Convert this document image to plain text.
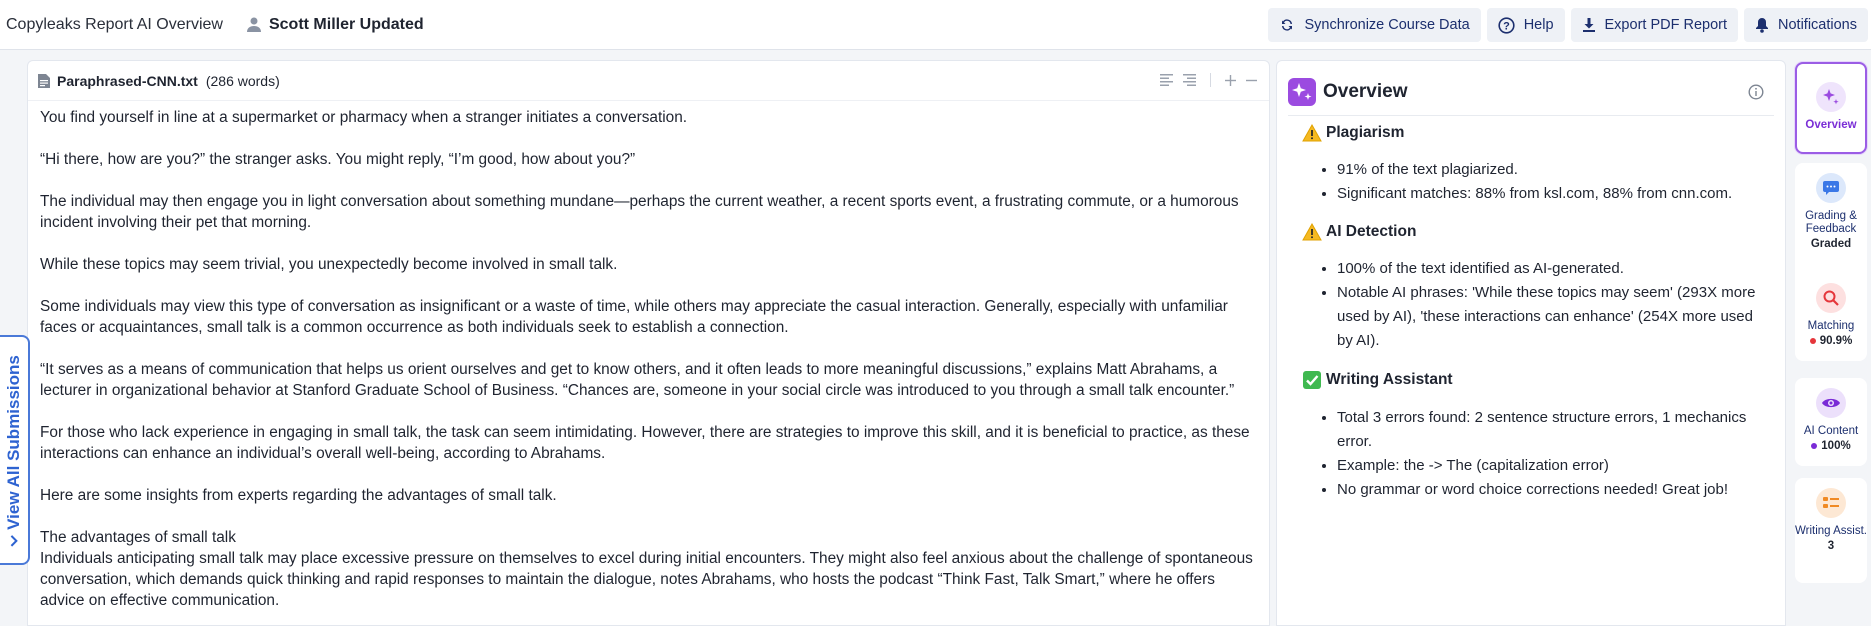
Copyleaks Report AI Overview	Scott Miller Updated	Synchronize Course Data	? Help	Export PDF Report	Notifications
Paraphrased-CNN.txt (286 words)

You find yourself in line at a supermarket or pharmacy when a stranger initiates a conversation.

“Hi there, how are you?” the stranger asks. You might reply, “I’m good, how about you?”

The individual may then engage you in light conversation about something mundane—perhaps the current weather, a recent sports event, a frustrating commute, or a humorous incident involving their pet that morning.

While these topics may seem trivial, you unexpectedly become involved in small talk.

Some individuals may view this type of conversation as insignificant or a waste of time, while others may appreciate the casual interaction. Generally, especially with unfamiliar faces or acquaintances, small talk is a common occurrence as both individuals seek to establish a connection.

“It serves as a means of communication that helps us orient ourselves and get to know others, and it often leads to more meaningful discussions,” explains Matt Abrahams, a lecturer in organizational behavior at Stanford Graduate School of Business. “Chances are, someone in your social circle was introduced to you through a small talk encounter.”

For those who lack experience in engaging in small talk, the task can seem intimidating. However, there are strategies to improve this skill, and it is beneficial to practice, as these interactions can enhance an individual’s overall well-being, according to Abrahams.

Here are some insights from experts regarding the advantages of small talk.

The advantages of small talk

Individuals anticipating small talk may place excessive pressure on themselves to excel during initial encounters. They might also feel anxious about the challenge of spontaneous conversation, which demands quick thinking and rapid responses to maintain the dialogue, notes Abrahams, who hosts the podcast “Think Fast, Talk Smart,” where he offers advice on effective communication.

View All Submissions
Overview
Plagiarism
• 91% of the text plagiarized.
• Significant matches: 88% from ksl.com, 88% from cnn.com.
AI Detection
• 100% of the text identified as AI-generated.
• Notable AI phrases: 'While these topics may seem' (293X more used by AI), 'these interactions can enhance' (254X more used by AI).
Writing Assistant
• Total 3 errors found: 2 sentence structure errors, 1 mechanics error.
• Example: the -> The (capitalization error)
• No grammar or word choice corrections needed! Great job!
Overview
Grading & Feedback
Graded
Matching
90.9%
AI Content
100%
Writing Assist.
3
